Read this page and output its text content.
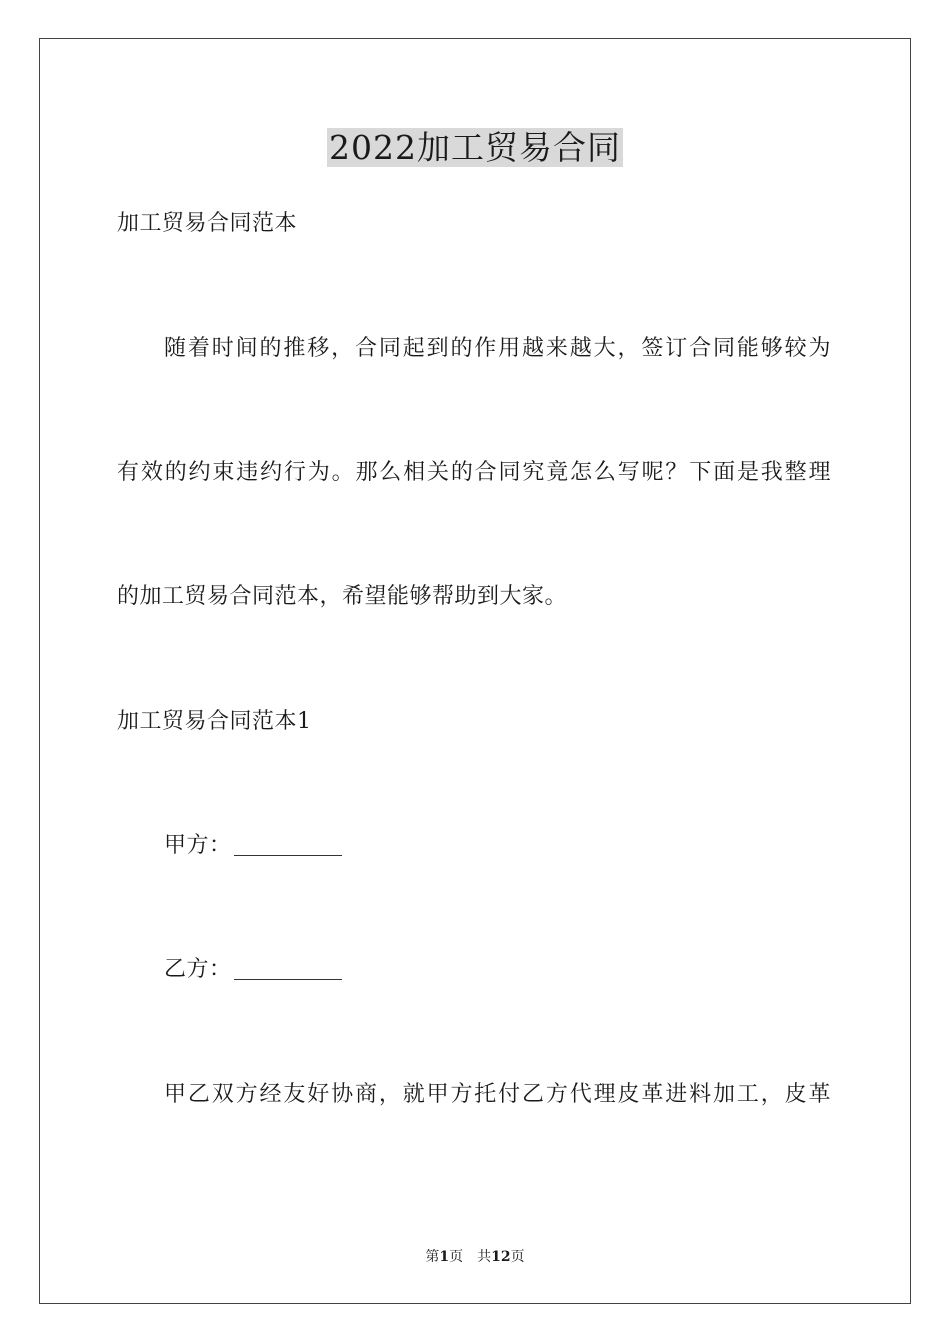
2022加工贸易合同
加工贸易合同范本
随着时间的推移，合同起到的作用越来越大，签订合同能够较为
有效的约束违约行为。那么相关的合同究竟怎么写呢？下面是我整理
的加工贸易合同范本，希望能够帮助到大家。
加工贸易合同范本1
甲方：
乙方：
甲乙双方经友好协商，就甲方托付乙方代理皮革进料加工，皮革
第1页 共12页
